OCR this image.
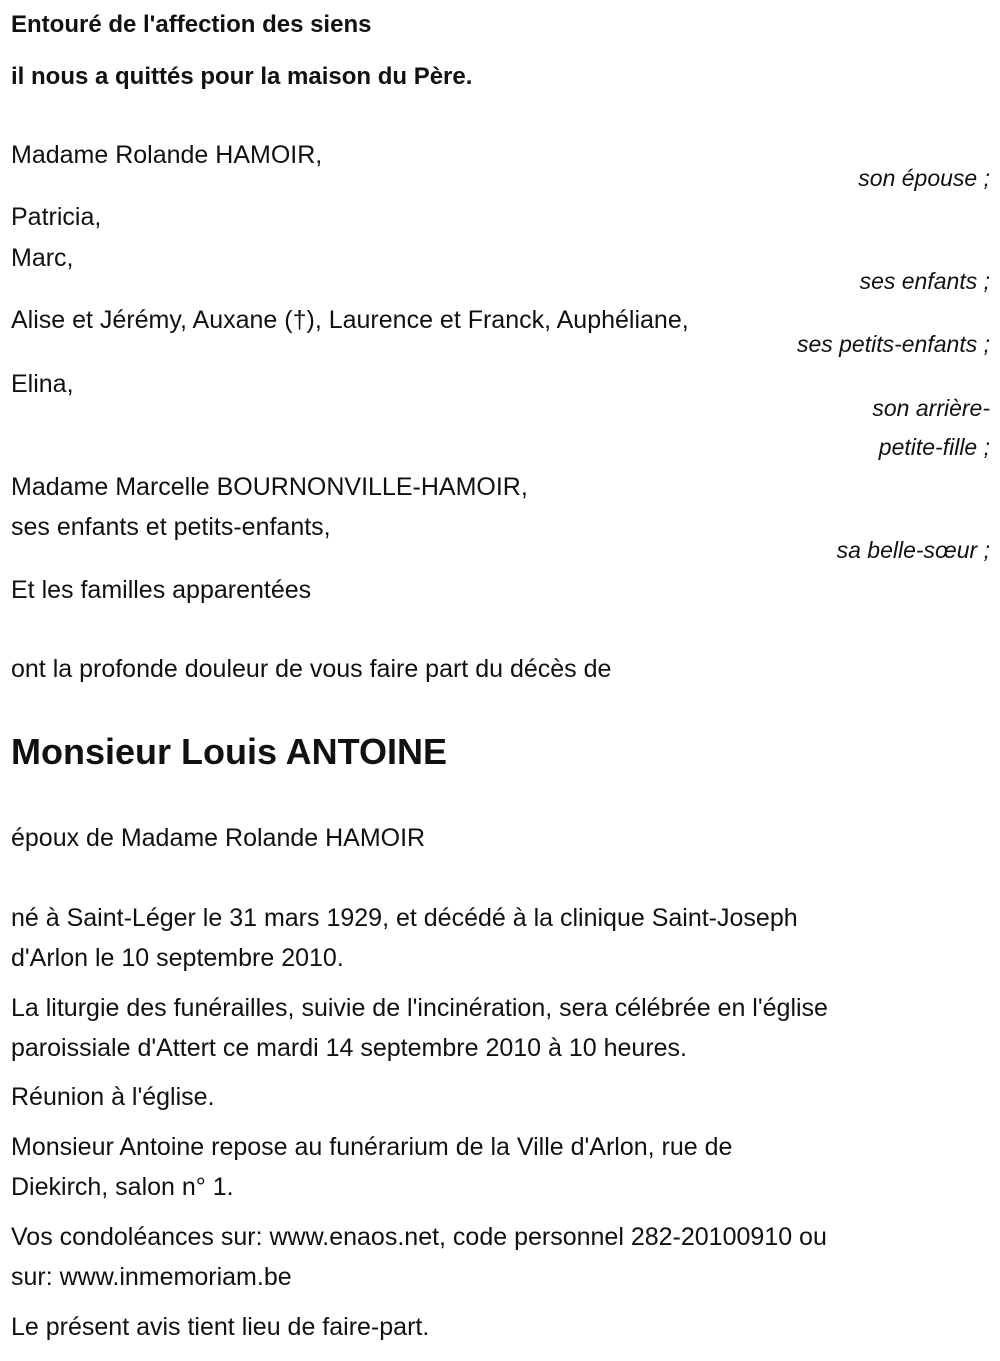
Entouré de l'affection des siens
il nous a quittés pour la maison du Père.
Madame Rolande HAMOIR,
son épouse ;
Patricia,
Marc,
ses enfants ;
Alise et Jérémy, Auxane (†), Laurence et Franck, Auphéliane,
ses petits-enfants ;
Elina,
son arrière-
petite-fille ;
Madame Marcelle BOURNONVILLE-HAMOIR,
ses enfants et petits-enfants,
sa belle-sœur ;
Et les familles apparentées
ont la profonde douleur de vous faire part du décès de
Monsieur Louis ANTOINE
époux de Madame Rolande HAMOIR
né à Saint-Léger le 31 mars 1929, et décédé à la clinique Saint-Joseph
d'Arlon le 10 septembre 2010.
La liturgie des funérailles, suivie de l'incinération, sera célébrée en l'église
paroissiale d'Attert ce mardi 14 septembre 2010 à 10 heures.
Réunion à l'église.
Monsieur Antoine repose au funérarium de la Ville d'Arlon, rue de
Diekirch, salon n° 1.
Vos condoléances sur: www.enaos.net, code personnel 282-20100910 ou
sur: www.inmemoriam.be
Le présent avis tient lieu de faire-part.
